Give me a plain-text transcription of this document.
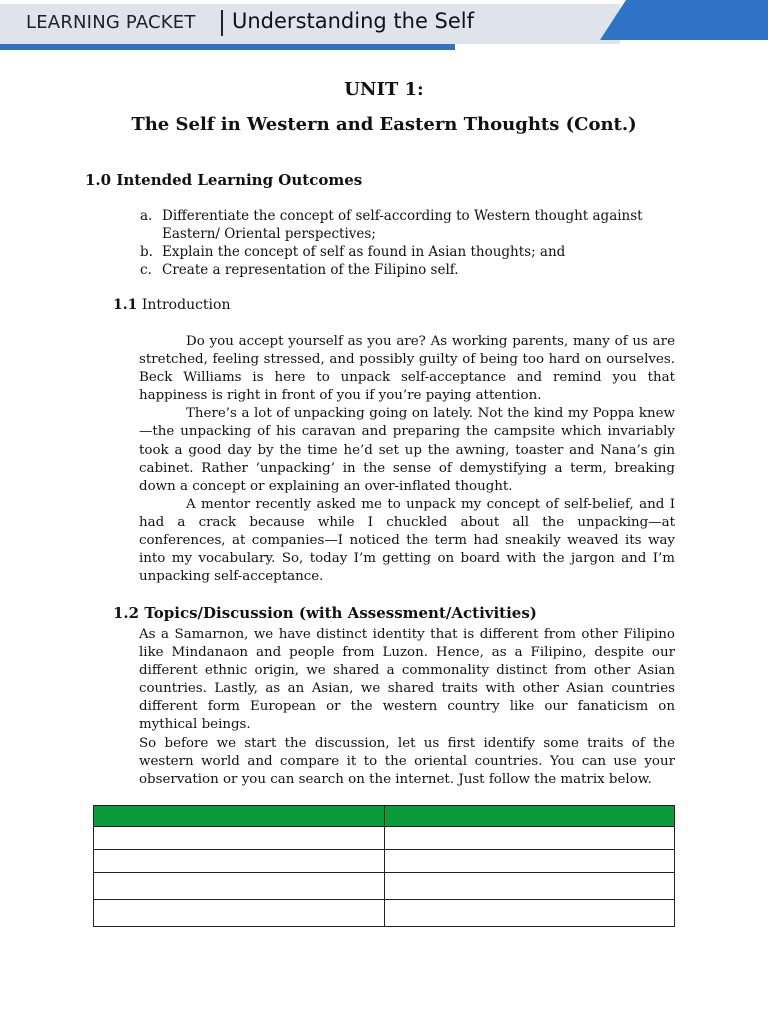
LEARNING PACKET Understanding the Self
UNIT 1:
The Self in Western and Eastern Thoughts (Cont.)
1.0 Intended Learning Outcomes
a. Differentiate the concept of self-according to Western thought against Eastern/ Oriental perspectives;
b. Explain the concept of self as found in Asian thoughts; and
c. Create a representation of the Filipino self.
1.1 Introduction

Do you accept yourself as you are? As working parents, many of us are stretched, feeling stressed, and possibly guilty of being too hard on ourselves. Beck Williams is here to unpack self-acceptance and remind you that happiness is right in front of you if you’re paying attention.

There’s a lot of unpacking going on lately. Not the kind my Poppa knew—the unpacking of his caravan and preparing the campsite which invariably took a good day by the time he’d set up the awning, toaster and Nana’s gin cabinet. Rather ‘unpacking’ in the sense of demystifying a term, breaking down a concept or explaining an over-inflated thought.

A mentor recently asked me to unpack my concept of self-belief, and I had a crack because while I chuckled about all the unpacking—at conferences, at companies—I noticed the term had sneakily weaved its way into my vocabulary. So, today I’m getting on board with the jargon and I’m unpacking self-acceptance.

1.2 Topics/Discussion (with Assessment/Activities)

As a Samarnon, we have distinct identity that is different from other Filipino like Mindanaon and people from Luzon. Hence, as a Filipino, despite our different ethnic origin, we shared a commonality distinct from other Asian countries. Lastly, as an Asian, we shared traits with other Asian countries different form European or the western country like our fanaticism on mythical beings.

So before we start the discussion, let us first identify some traits of the western world and compare it to the oriental countries. You can use your observation or you can search on the internet. Just follow the matrix below.
